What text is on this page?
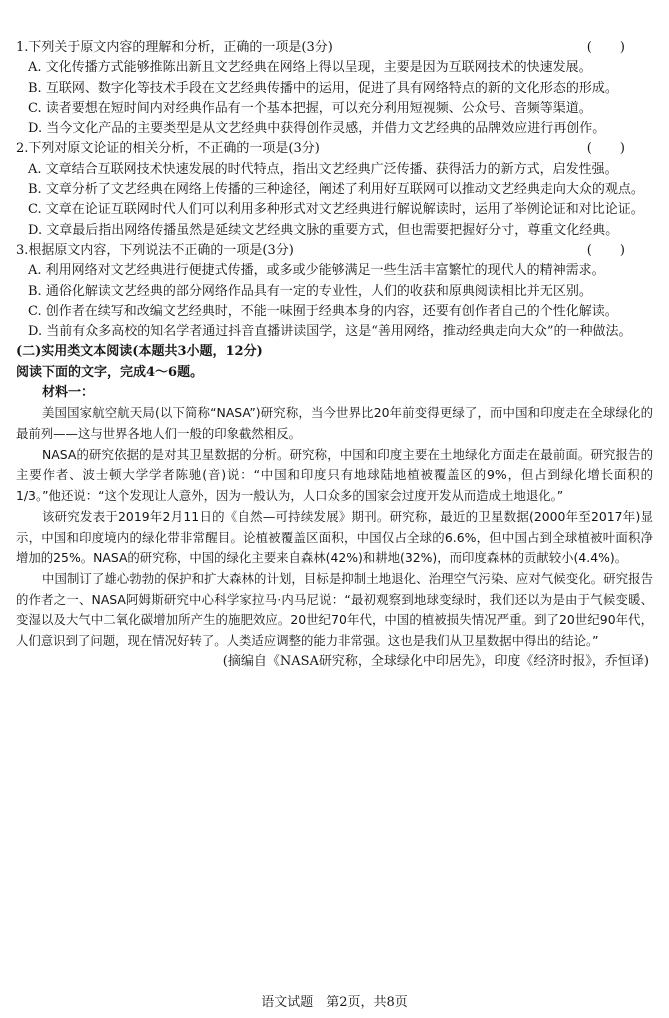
1.下列关于原文内容的理解和分析，正确的一项是(3分)	( )
A. 文化传播方式能够推陈出新且文艺经典在网络上得以呈现，主要是因为互联网技术的快速发展。
B. 互联网、数字化等技术手段在文艺经典传播中的运用，促进了具有网络特点的新的文化形态的形成。
C. 读者要想在短时间内对经典作品有一个基本把握，可以充分利用短视频、公众号、音频等渠道。
D. 当今文化产品的主要类型是从文艺经典中获得创作灵感，并借力文艺经典的品牌效应进行再创作。
2.下列对原文论证的相关分析，不正确的一项是(3分)	( )
A. 文章结合互联网技术快速发展的时代特点，指出文艺经典广泛传播、获得活力的新方式，启发性强。
B. 文章分析了文艺经典在网络上传播的三种途径，阐述了利用好互联网可以推动文艺经典走向大众的观点。
C. 文章在论证互联网时代人们可以利用多种形式对文艺经典进行解说解读时，运用了举例论证和对比论证。
D. 文章最后指出网络传播虽然是延续文艺经典文脉的重要方式，但也需要把握好分寸，尊重文化经典。
3.根据原文内容，下列说法不正确的一项是(3分)	( )
A. 利用网络对文艺经典进行便捷式传播，或多或少能够满足一些生活丰富繁忙的现代人的精神需求。
B. 通俗化解读文艺经典的部分网络作品具有一定的专业性，人们的收获和原典阅读相比并无区别。
C. 创作者在续写和改编文艺经典时，不能一味囿于经典本身的内容，还要有创作者自己的个性化解读。
D. 当前有众多高校的知名学者通过抖音直播讲读国学，这是“善用网络，推动经典走向大众”的一种做法。
(二)实用类文本阅读(本题共3小题，12分)
阅读下面的文字，完成4～6题。
材料一：
美国国家航空航天局(以下简称“NASA”)研究称，当今世界比20年前变得更绿了，而中国和印度走在全球绿化的最前列——这与世界各地人们一般的印象截然相反。
NASA的研究依据的是对其卫星数据的分析。研究称，中国和印度主要在土地绿化方面走在最前面。研究报告的主要作者、波士顿大学学者陈驰(音)说：“中国和印度只有地球陆地植被覆盖区的9%，但占到绿化增长面积的1/3。”他还说：“这个发现让人意外，因为一般认为，人口众多的国家会过度开发从而造成土地退化。”
该研究发表于2019年2月11日的《自然—可持续发展》期刊。研究称，最近的卫星数据(2000年至2017年)显示，中国和印度境内的绿化带非常醒目。论植被覆盖区面积，中国仅占全球的6.6%，但中国占到全球植被叶面积净增加的25%。NASA的研究称，中国的绿化主要来自森林(42%)和耕地(32%)，而印度森林的贡献较小(4.4%)。
中国制订了雄心勃勃的保护和扩大森林的计划，目标是抑制土地退化、治理空气污染、应对气候变化。研究报告的作者之一、NASA阿姆斯研究中心科学家拉马·内马尼说：“最初观察到地球变绿时，我们还以为是由于气候变暖、变湿以及大气中二氧化碳增加所产生的施肥效应。20世纪70年代，中国的植被损失情况严重。到了20世纪90年代，人们意识到了问题，现在情况好转了。人类适应调整的能力非常强。这也是我们从卫星数据中得出的结论。”
(摘编自《NASA研究称，全球绿化中印居先》，印度《经济时报》，乔恒译)
语文试题　第2页，共8页
